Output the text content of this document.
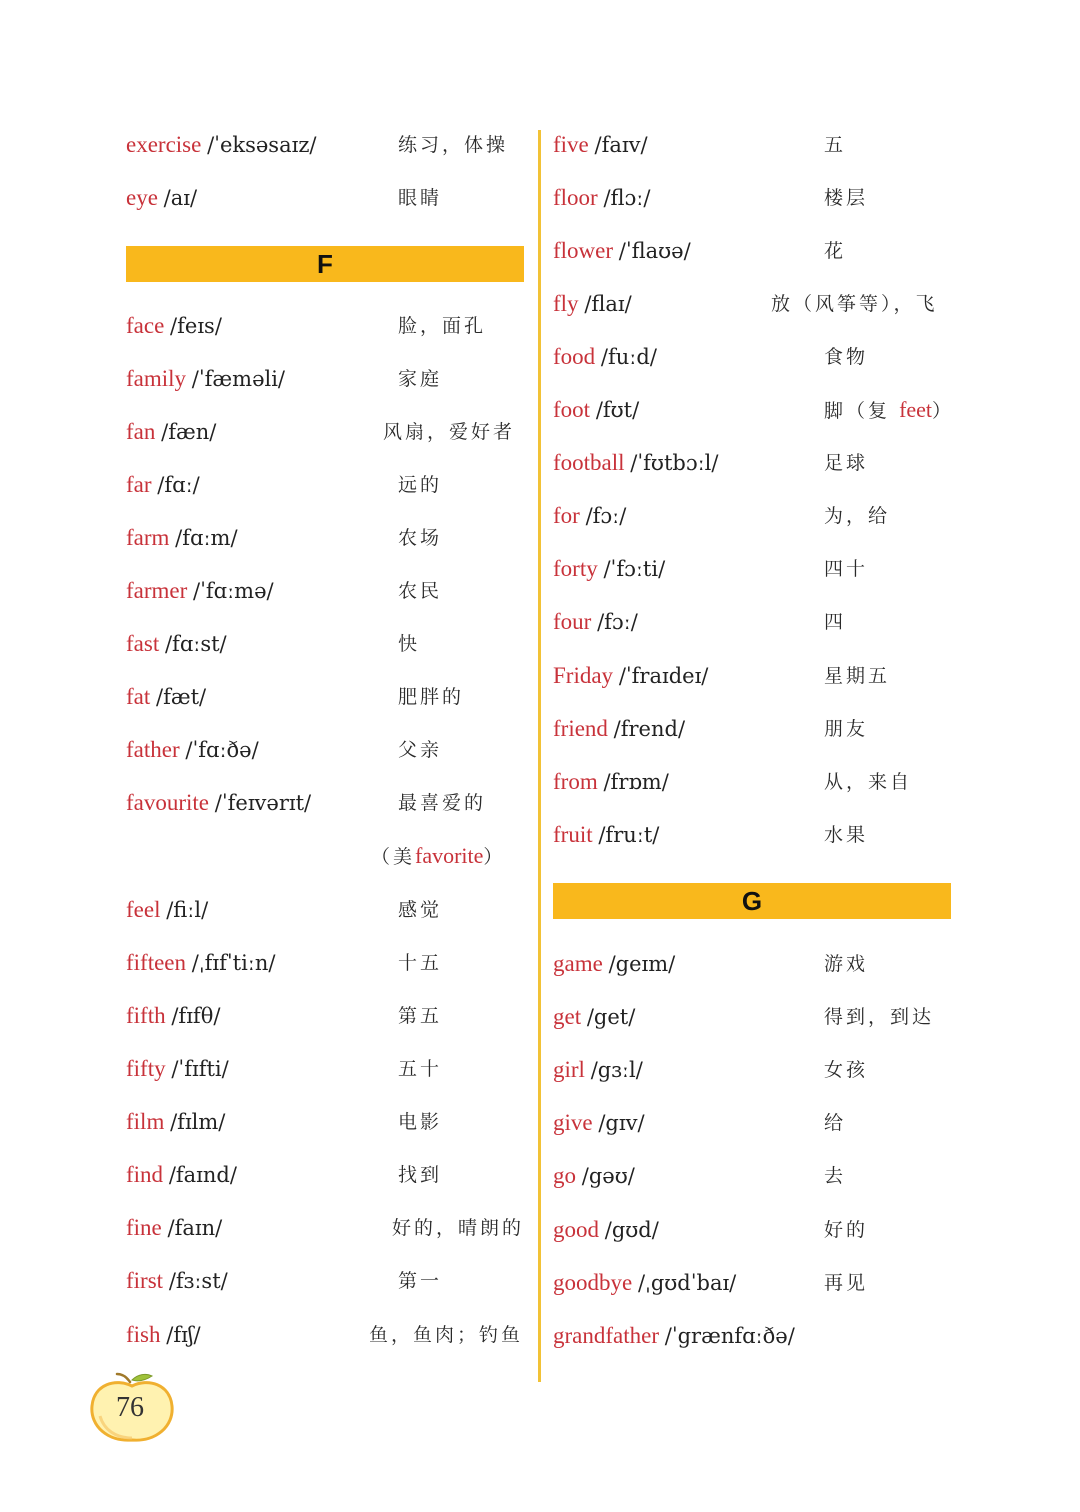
exercise /ˈeksəsaɪz/	练习，体操
eye /aɪ/	眼睛
F
face /feɪs/	脸，面孔
family /ˈfæməli/	家庭
fan /fæn/	风扇，爱好者
far /fɑː/	远的
farm /fɑːm/	农场
farmer /ˈfɑːmə/	农民
fast /fɑːst/	快
fat /fæt/	肥胖的
father /ˈfɑːðə/	父亲
favourite /ˈfeɪvərɪt/	最喜爱的
（美favorite）
feel /fiːl/	感觉
fifteen /ˌfɪfˈtiːn/	十五
fifth /fɪfθ/	第五
fifty /ˈfɪfti/	五十
film /fɪlm/	电影
find /faɪnd/	找到
fine /faɪn/	好的，晴朗的
first /fɜːst/	第一
fish /fɪʃ/	鱼，鱼肉；钓鱼
five /faɪv/	五
floor /flɔː/	楼层
flower /ˈflaʊə/	花
fly /flaɪ/	放（风筝等），飞
food /fuːd/	食物
foot /fʊt/	脚（复 feet）
football /ˈfʊtbɔːl/	足球
for /fɔː/	为，给
forty /ˈfɔːti/	四十
four /fɔː/	四
Friday /ˈfraɪdeɪ/	星期五
friend /frend/	朋友
from /frɒm/	从，来自
fruit /fruːt/	水果
G
game /geɪm/	游戏
get /get/	得到，到达
girl /gɜːl/	女孩
give /gɪv/	给
go /gəʊ/	去
good /gʊd/	好的
goodbye /ˌgʊdˈbaɪ/	再见
grandfather /ˈgrænfɑːðə/
76
